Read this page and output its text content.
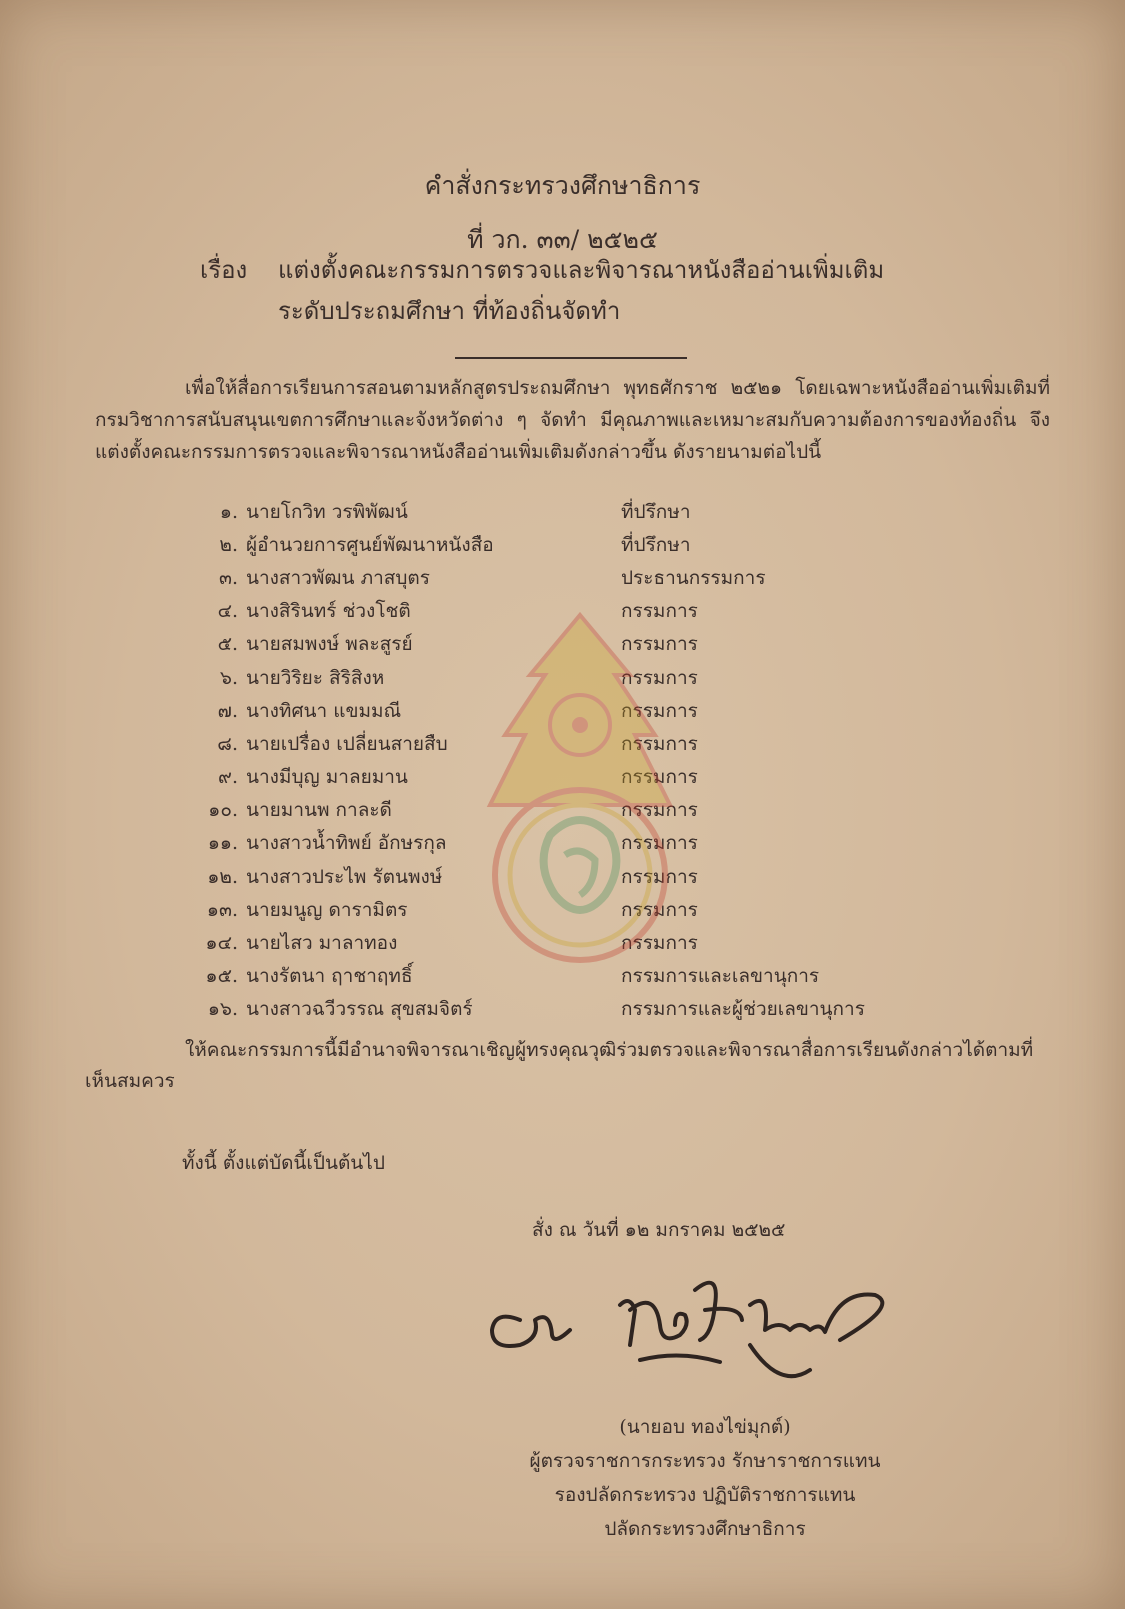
คำสั่งกระทรวงศึกษาธิการ
ที่ วก. ๓๓/ ๒๕๒๕
เรื่อง แต่งตั้งคณะกรรมการตรวจและพิจารณาหนังสืออ่านเพิ่มเติม
ระดับประถมศึกษา ที่ท้องถิ่นจัดทำ
เพื่อให้สื่อการเรียนการสอนตามหลักสูตรประถมศึกษา พุทธศักราช ๒๕๒๑ โดยเฉพาะหนังสืออ่านเพิ่มเติมที่กรมวิชาการสนับสนุนเขตการศึกษาและจังหวัดต่าง ๆ จัดทำ มีคุณภาพและเหมาะสมกับความต้องการของท้องถิ่น จึงแต่งตั้งคณะกรรมการตรวจและพิจารณาหนังสืออ่านเพิ่มเติมดังกล่าวขึ้น ดังรายนามต่อไปนี้
๑. นายโกวิท วรพิพัฒน์	ที่ปรึกษา
๒. ผู้อำนวยการศูนย์พัฒนาหนังสือ	ที่ปรึกษา
๓. นางสาวพัฒน ภาสบุตร	ประธานกรรมการ
๔. นางสิรินทร์ ช่วงโชติ	กรรมการ
๕. นายสมพงษ์ พละสูรย์	กรรมการ
๖. นายวิริยะ สิริสิงห	กรรมการ
๗. นางทิศนา แขมมณี	กรรมการ
๘. นายเปรื่อง เปลี่ยนสายสืบ	กรรมการ
๙. นางมีบุญ มาลยมาน	กรรมการ
๑๐. นายมานพ กาละดี	กรรมการ
๑๑. นางสาวน้ำทิพย์ อักษรกุล	กรรมการ
๑๒. นางสาวประไพ รัตนพงษ์	กรรมการ
๑๓. นายมนูญ ดารามิตร	กรรมการ
๑๔. นายไสว มาลาทอง	กรรมการ
๑๕. นางรัตนา ฤาชาฤทธิ์	กรรมการและเลขานุการ
๑๖. นางสาวฉวีวรรณ สุขสมจิตร์	กรรมการและผู้ช่วยเลขานุการ
ให้คณะกรรมการนี้มีอำนาจพิจารณาเชิญผู้ทรงคุณวุฒิร่วมตรวจและพิจารณาสื่อการเรียนดังกล่าวได้ตามที่เห็นสมควร
ทั้งนี้ ตั้งแต่บัดนี้เป็นต้นไป
สั่ง ณ วันที่ ๑๒ มกราคม ๒๕๒๕
(นายอบ ทองไข่มุกต์)
ผู้ตรวจราชการกระทรวง รักษาราชการแทน
รองปลัดกระทรวง ปฏิบัติราชการแทน
ปลัดกระทรวงศึกษาธิการ
